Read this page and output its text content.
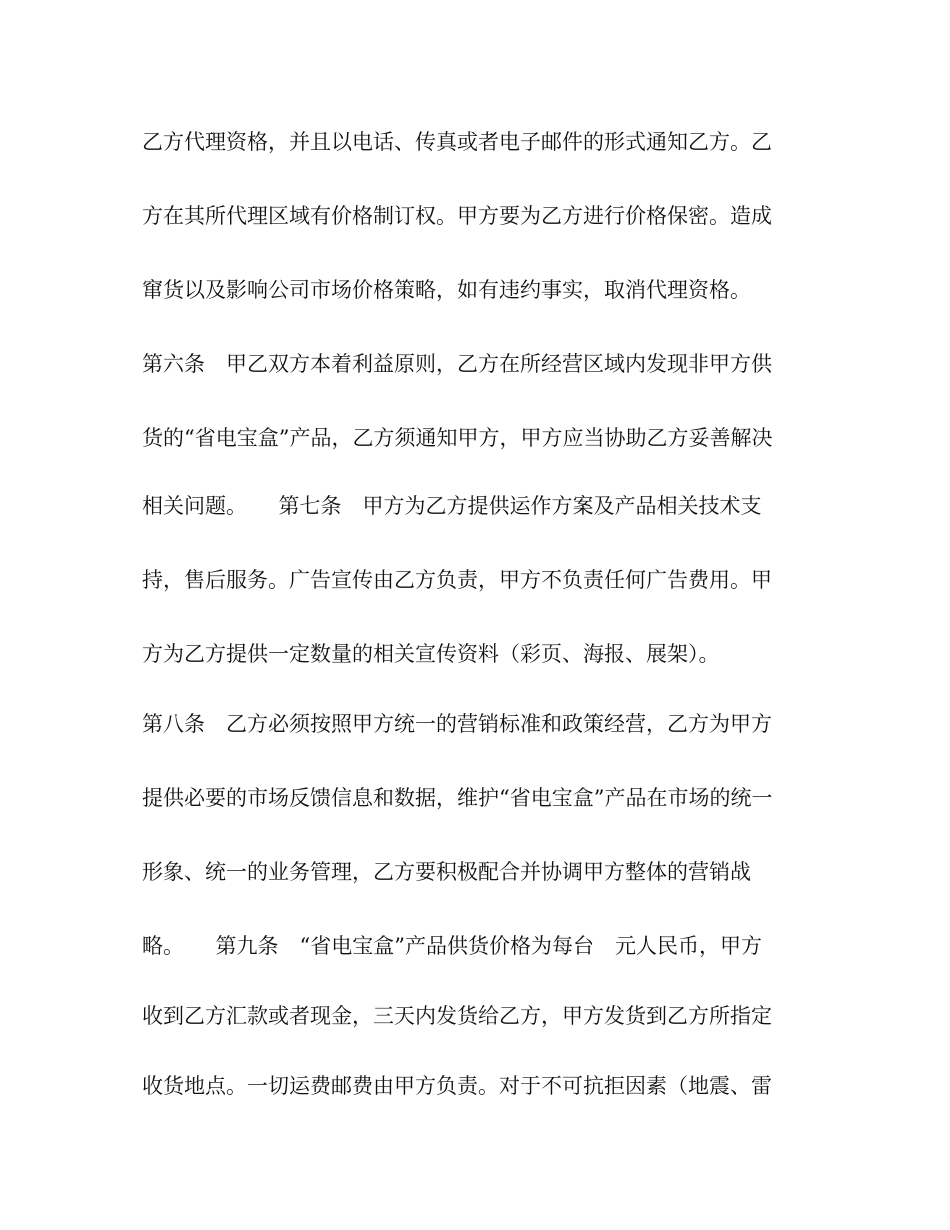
乙方代理资格，并且以电话、传真或者电子邮件的形式通知乙方。乙
方在其所代理区域有价格制订权。甲方要为乙方进行价格保密。造成
窜货以及影响公司市场价格策略，如有违约事实，取消代理资格。
第六条　甲乙双方本着利益原则，乙方在所经营区域内发现非甲方供
货的“省电宝盒”产品，乙方须通知甲方，甲方应当协助乙方妥善解决
相关问题。　　第七条　甲方为乙方提供运作方案及产品相关技术支
持，售后服务。广告宣传由乙方负责，甲方不负责任何广告费用。甲
方为乙方提供一定数量的相关宣传资料（彩页、海报、展架）。
第八条　乙方必须按照甲方统一的营销标准和政策经营，乙方为甲方
提供必要的市场反馈信息和数据，维护“省电宝盒”产品在市场的统一
形象、统一的业务管理，乙方要积极配合并协调甲方整体的营销战
略。　　第九条　“省电宝盒”产品供货价格为每台　元人民币，甲方
收到乙方汇款或者现金，三天内发货给乙方，甲方发货到乙方所指定
收货地点。一切运费邮费由甲方负责。对于不可抗拒因素（地震、雷
